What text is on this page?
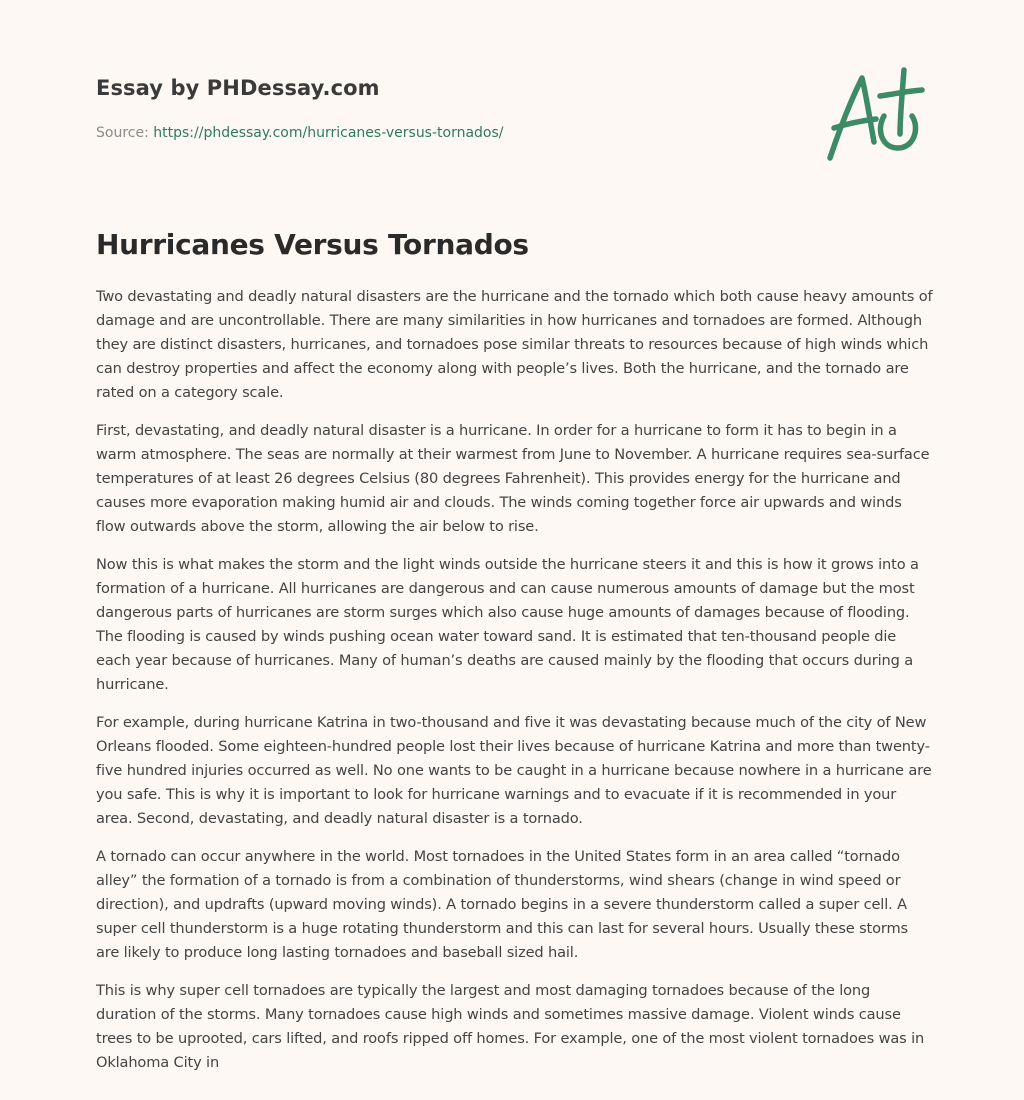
Essay by PHDessay.com
Source: https://phdessay.com/hurricanes-versus-tornados/
Hurricanes Versus Tornados

Two devastating and deadly natural disasters are the hurricane and the tornado which both cause heavy amounts of damage and are uncontrollable. There are many similarities in how hurricanes and tornadoes are formed. Although they are distinct disasters, hurricanes, and tornadoes pose similar threats to resources because of high winds which can destroy properties and affect the economy along with people’s lives. Both the hurricane, and the tornado are rated on a category scale.

First, devastating, and deadly natural disaster is a hurricane. In order for a hurricane to form it has to begin in a warm atmosphere. The seas are normally at their warmest from June to November. A hurricane requires sea-surface temperatures of at least 26 degrees Celsius (80 degrees Fahrenheit). This provides energy for the hurricane and causes more evaporation making humid air and clouds. The winds coming together force air upwards and winds flow outwards above the storm, allowing the air below to rise.

Now this is what makes the storm and the light winds outside the hurricane steers it and this is how it grows into a formation of a hurricane. All hurricanes are dangerous and can cause numerous amounts of damage but the most dangerous parts of hurricanes are storm surges which also cause huge amounts of damages because of flooding. The flooding is caused by winds pushing ocean water toward sand. It is estimated that ten-thousand people die each year because of hurricanes. Many of human’s deaths are caused mainly by the flooding that occurs during a hurricane.

For example, during hurricane Katrina in two-thousand and five it was devastating because much of the city of New Orleans flooded. Some eighteen-hundred people lost their lives because of hurricane Katrina and more than twenty-five hundred injuries occurred as well. No one wants to be caught in a hurricane because nowhere in a hurricane are you safe. This is why it is important to look for hurricane warnings and to evacuate if it is recommended in your area. Second, devastating, and deadly natural disaster is a tornado.

A tornado can occur anywhere in the world. Most tornadoes in the United States form in an area called “tornado alley” the formation of a tornado is from a combination of thunderstorms, wind shears (change in wind speed or direction), and updrafts (upward moving winds). A tornado begins in a severe thunderstorm called a super cell. A super cell thunderstorm is a huge rotating thunderstorm and this can last for several hours. Usually these storms are likely to produce long lasting tornadoes and baseball sized hail.

This is why super cell tornadoes are typically the largest and most damaging tornadoes because of the long duration of the storms. Many tornadoes cause high winds and sometimes massive damage. Violent winds cause trees to be uprooted, cars lifted, and roofs ripped off homes. For example, one of the most violent tornadoes was in Oklahoma City in
